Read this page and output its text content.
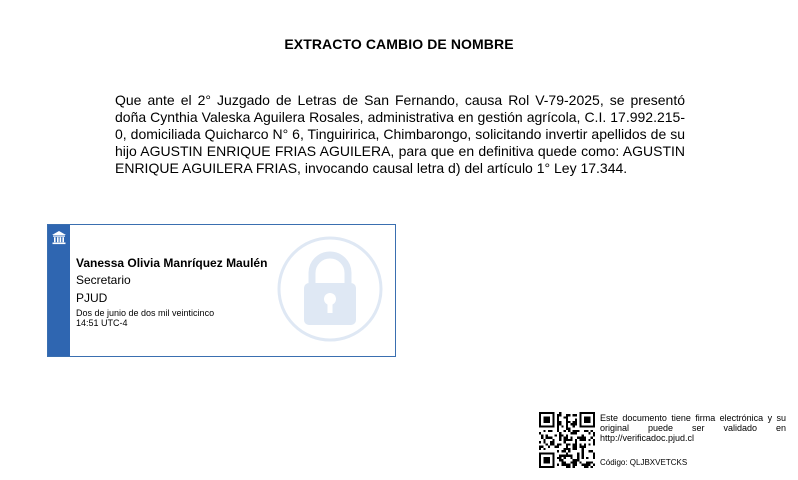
EXTRACTO CAMBIO DE NOMBRE
Que ante el 2° Juzgado de Letras de San Fernando, causa Rol V-79-2025, se presentó doña Cynthia Valeska Aguilera Rosales, administrativa en gestión agrícola, C.I. 17.992.215-0, domiciliada Quicharco N° 6, Tinguiririca, Chimbarongo, solicitando invertir apellidos de su hijo AGUSTIN ENRIQUE FRIAS AGUILERA, para que en definitiva quede como: AGUSTIN ENRIQUE AGUILERA FRIAS, invocando causal letra d) del artículo 1° Ley 17.344.
Vanessa Olivia Manríquez Maulén
Secretario
PJUD
Dos de junio de dos mil veinticinco
14:51 UTC-4
Este documento tiene firma electrónica y su original puede ser validado en http://verificadoc.pjud.cl
Código: QLJBXVETCKS
